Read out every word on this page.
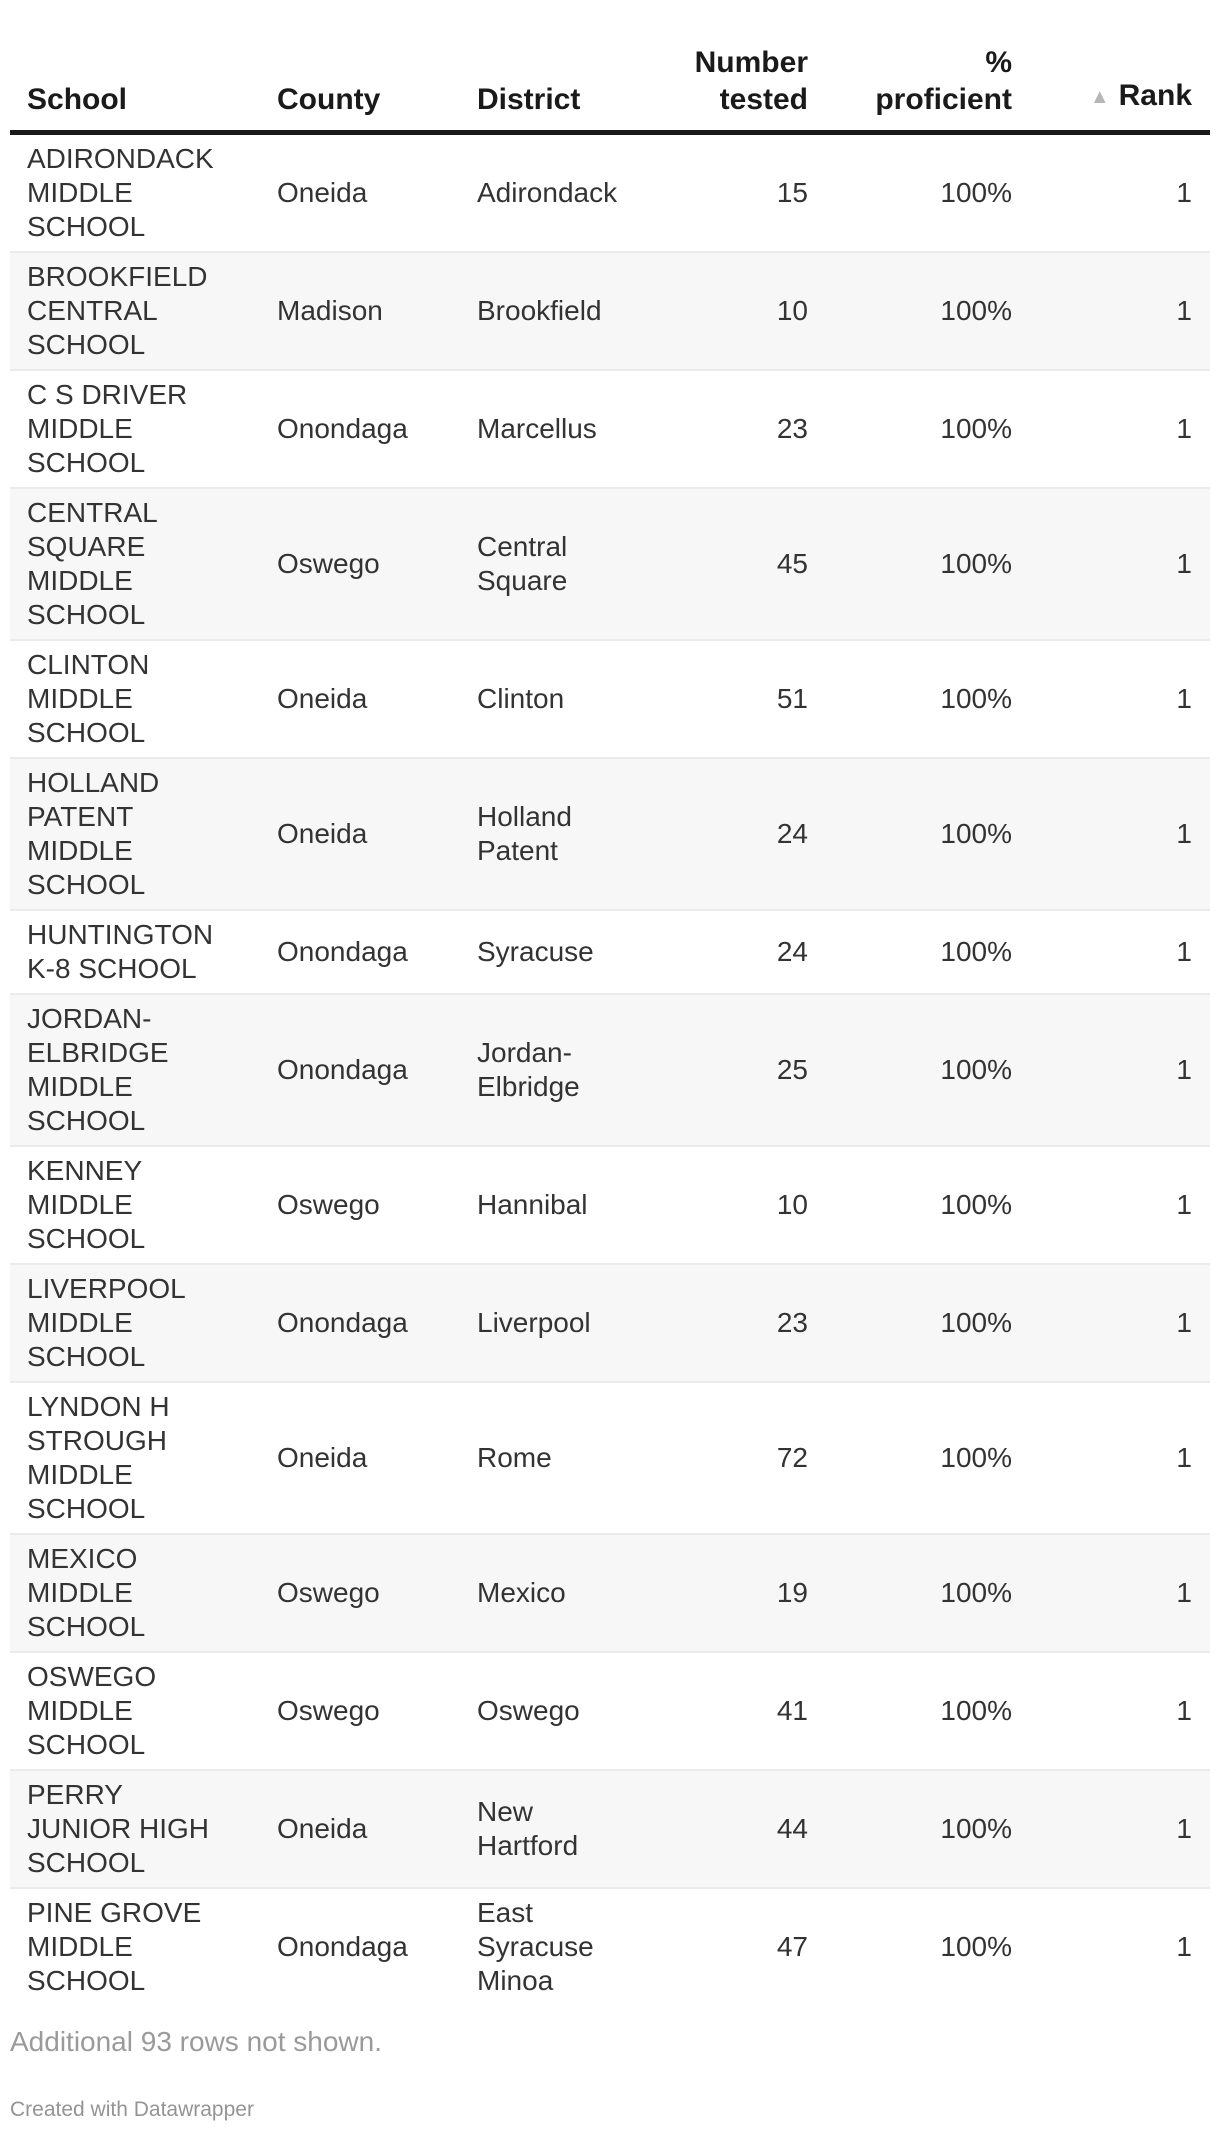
School	County	District	Number tested	% proficient	▲ Rank
ADIRONDACK MIDDLE SCHOOL	Oneida	Adirondack	15	100%	1
BROOKFIELD CENTRAL SCHOOL	Madison	Brookfield	10	100%	1
C S DRIVER MIDDLE SCHOOL	Onondaga	Marcellus	23	100%	1
CENTRAL SQUARE MIDDLE SCHOOL	Oswego	Central Square	45	100%	1
CLINTON MIDDLE SCHOOL	Oneida	Clinton	51	100%	1
HOLLAND PATENT MIDDLE SCHOOL	Oneida	Holland Patent	24	100%	1
HUNTINGTON K-8 SCHOOL	Onondaga	Syracuse	24	100%	1
JORDAN-ELBRIDGE MIDDLE SCHOOL	Onondaga	Jordan-Elbridge	25	100%	1
KENNEY MIDDLE SCHOOL	Oswego	Hannibal	10	100%	1
LIVERPOOL MIDDLE SCHOOL	Onondaga	Liverpool	23	100%	1
LYNDON H STROUGH MIDDLE SCHOOL	Oneida	Rome	72	100%	1
MEXICO MIDDLE SCHOOL	Oswego	Mexico	19	100%	1
OSWEGO MIDDLE SCHOOL	Oswego	Oswego	41	100%	1
PERRY JUNIOR HIGH SCHOOL	Oneida	New Hartford	44	100%	1
PINE GROVE MIDDLE SCHOOL	Onondaga	East Syracuse Minoa	47	100%	1

Additional 93 rows not shown.

Created with Datawrapper
